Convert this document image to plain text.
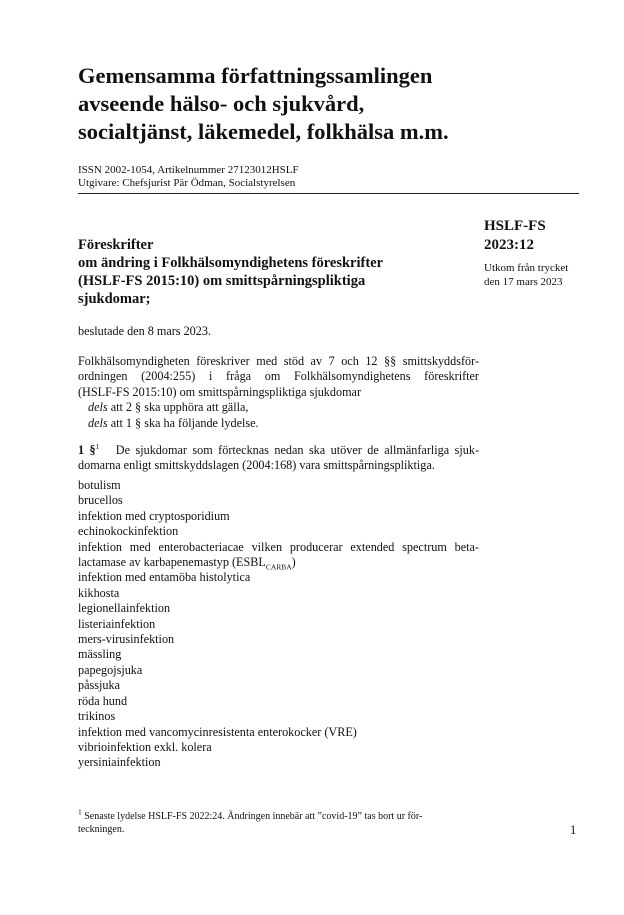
Gemensamma författningssamlingen
avseende hälso- och sjukvård,
socialtjänst, läkemedel, folkhälsa m.m.
ISSN 2002-1054, Artikelnummer 27123012HSLF
Utgivare: Chefsjurist Pär Ödman, Socialstyrelsen
HSLF-FS
2023:12
Utkom från trycket
den 17 mars 2023
Föreskrifter
om ändring i Folkhälsomyndighetens föreskrifter
(HSLF-FS 2015:10) om smittspårningspliktiga
sjukdomar;
beslutade den 8 mars 2023.
Folkhälsomyndigheten föreskriver med stöd av 7 och 12 §§ smittskyddsför-
ordningen (2004:255) i fråga om Folkhälsomyndighetens föreskrifter
(HSLF-FS 2015:10) om smittspårningspliktiga sjukdomar
dels att 2 § ska upphöra att gälla,
dels att 1 § ska ha följande lydelse.
1 §$^1$ De sjukdomar som förtecknas nedan ska utöver de allmänfarliga sjuk-
domarna enligt smittskyddslagen (2004:168) vara smittspårningspliktiga.
botulism
brucellos
infektion med cryptosporidium
echinokockinfektion
infektion med enterobacteriacae vilken producerar extended spectrum beta-
lactamase av karbapenemastyp $(ESBL_{CARBA})$
infektion med entamöba histolytica
kikhosta
legionellainfektion
listeriainfektion
mers-virusinfektion
mässling
papegojsjuka
påssjuka
röda hund
trikinos
infektion med vancomycinresistenta enterokocker (VRE)
vibrioinfektion exkl. kolera
yersiniainfektion
$^1$ Senaste lydelse HSLF-FS 2022:24. Ändringen innebär att ”covid-19” tas bort ur för-
teckningen.	1
